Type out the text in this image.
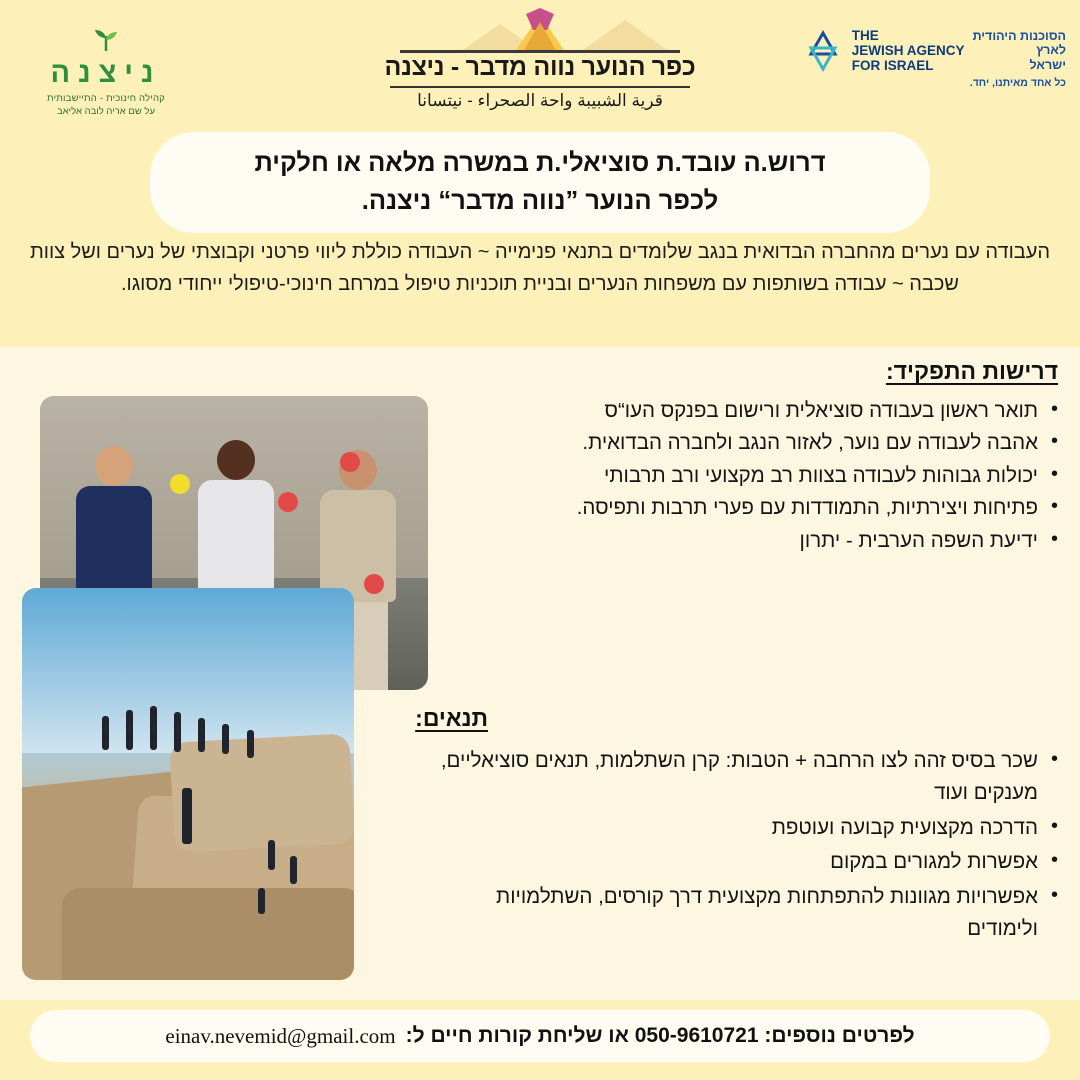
THE
JEWISH AGENCY
FOR ISRAEL
הסוכנות היהודית
לארץ
ישראל
כל אחד מאיתנו, יחד.
כפר הנוער נווה מדבר - ניצנה
قرية الشبيبة واحة الصحراء - نيتسانا
ניצנה
קהילה חינוכית - התיישבותית
על שם אריה לובה אליאב
דרוש.ה עובד.ת סוציאלי.ת במשרה מלאה או חלקית
לכפר הנוער ”נווה מדבר“ ניצנה.
העבודה עם נערים מהחברה הבדואית בנגב שלומדים בתנאי פנימייה ~ העבודה כוללת ליווי פרטני וקבוצתי של נערים ושל צוות שכבה ~ עבודה בשותפות עם משפחות הנערים ובניית תוכניות טיפול במרחב חינוכי-טיפולי ייחודי מסוגו.
דרישות התפקיד:
• תואר ראשון בעבודה סוציאלית ורישום בפנקס העו“ס
• אהבה לעבודה עם נוער, לאזור הנגב ולחברה הבדואית.
• יכולות גבוהות לעבודה בצוות רב מקצועי ורב תרבותי
• פתיחות ויצירתיות, התמודדות עם פערי תרבות ותפיסה.
• ידיעת השפה הערבית - יתרון
תנאים:
• שכר בסיס זהה לצו הרחבה + הטבות: קרן השתלמות, תנאים סוציאליים, מענקים ועוד
• הדרכה מקצועית קבועה ועוטפת
• אפשרות למגורים במקום
• אפשרויות מגוונות להתפתחות מקצועית דרך קורסים, השתלמויות ולימודים
לפרטים נוספים: 050-9610721 או שליחת קורות חיים ל:
einav.nevemid@gmail.com
